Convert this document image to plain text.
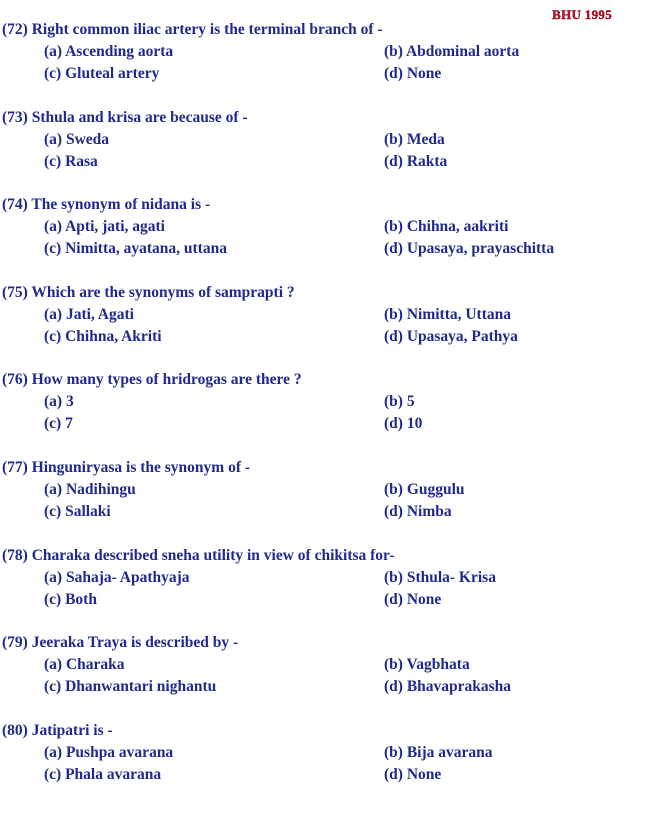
BHU 1995
(72) Right common iliac artery is the terminal branch of -
(a) Ascending aorta	(b) Abdominal aorta
(c) Gluteal artery	(d) None
(73) Sthula and krisa are because of -
(a) Sweda	(b) Meda
(c) Rasa	(d) Rakta
(74) The synonym of nidana is -
(a) Apti, jati, agati	(b) Chihna, aakriti
(c) Nimitta, ayatana, uttana	(d) Upasaya, prayaschitta
(75) Which are the synonyms of samprapti ?
(a) Jati, Agati	(b) Nimitta, Uttana
(c) Chihna, Akriti	(d) Upasaya, Pathya
(76) How many types of hridrogas are there ?
(a) 3	(b) 5
(c) 7	(d) 10
(77) Hinguniryasa is the synonym of -
(a) Nadihingu	(b) Guggulu
(c) Sallaki	(d) Nimba
(78) Charaka described sneha utility in view of chikitsa for-
(a) Sahaja- Apathyaja	(b) Sthula- Krisa
(c) Both	(d) None
(79) Jeeraka Traya is described by -
(a) Charaka	(b) Vagbhata
(c) Dhanwantari nighantu	(d) Bhavaprakasha
(80) Jatipatri is -
(a) Pushpa avarana	(b) Bija avarana
(c) Phala avarana	(d) None
